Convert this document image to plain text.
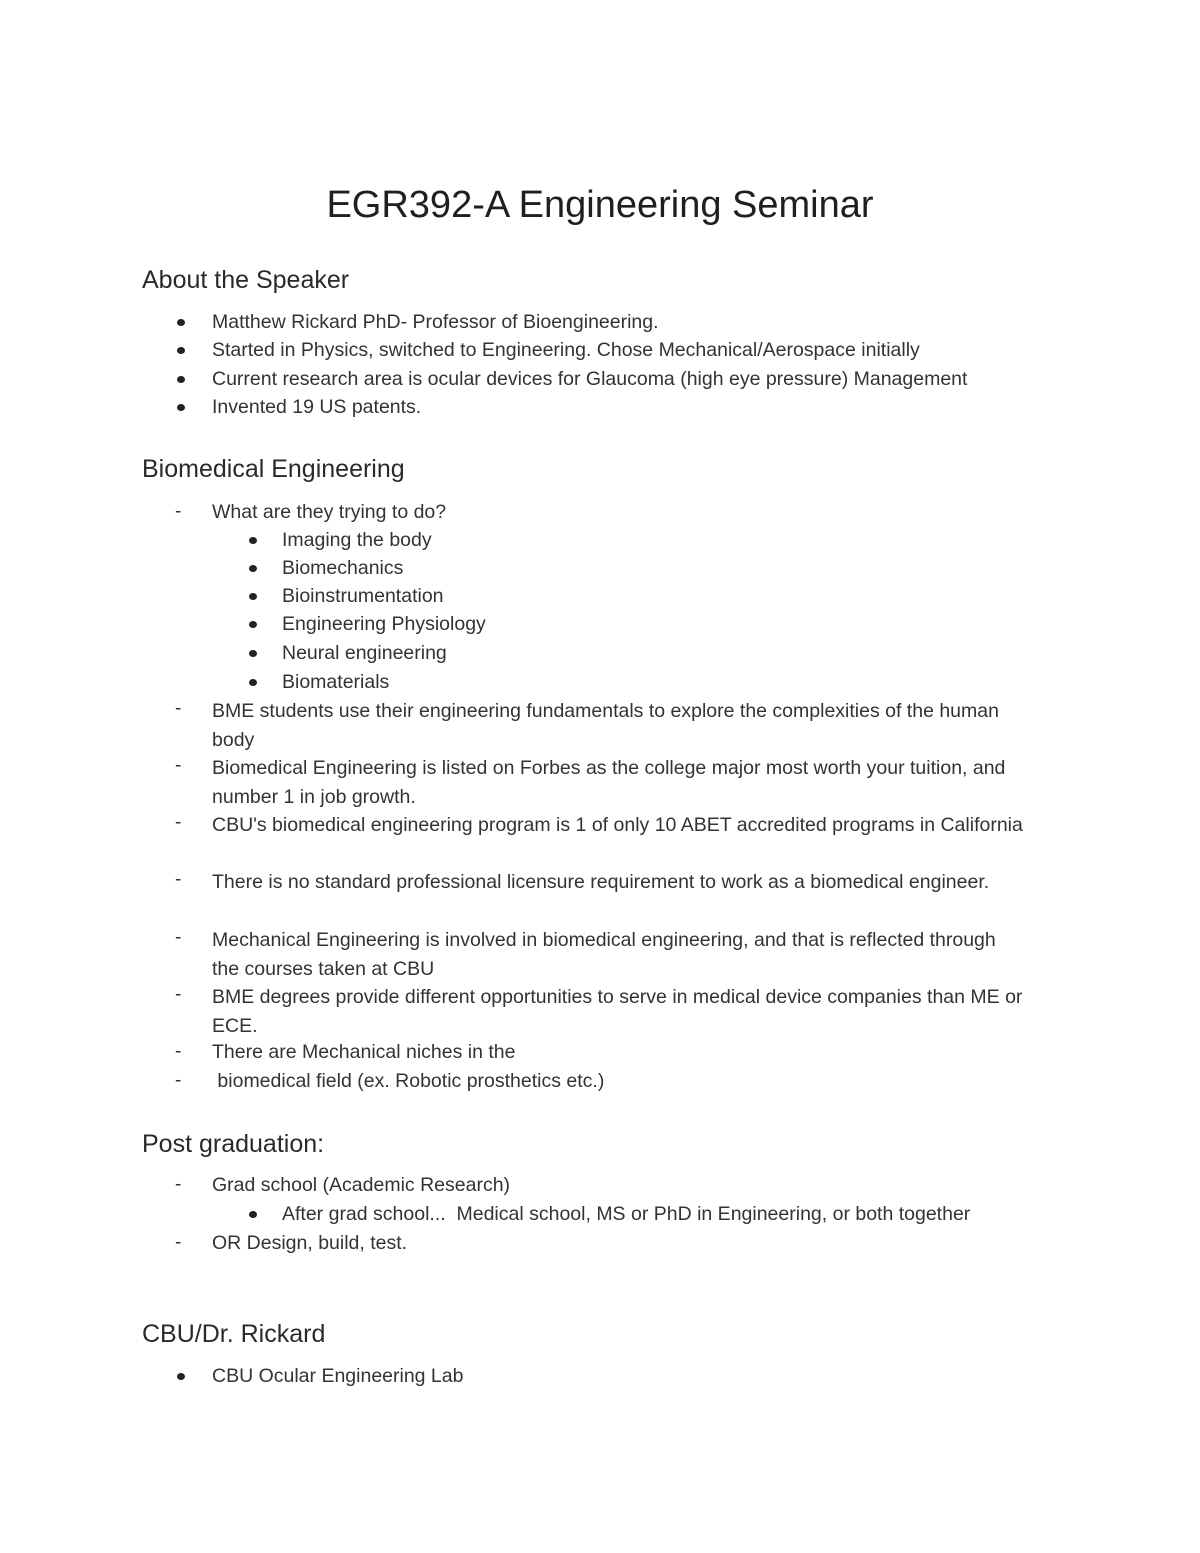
EGR392-A Engineering Seminar
About the Speaker
Matthew Rickard PhD- Professor of Bioengineering.
Started in Physics, switched to Engineering. Chose Mechanical/Aerospace initially
Current research area is ocular devices for Glaucoma (high eye pressure) Management
Invented 19 US patents.
Biomedical Engineering
- What are they trying to do?
Imaging the body
Biomechanics
Bioinstrumentation
Engineering Physiology
Neural engineering
Biomaterials
- BME students use their engineering fundamentals to explore the complexities of the human body
- Biomedical Engineering is listed on Forbes as the college major most worth your tuition, and number 1 in job growth.
- CBU's biomedical engineering program is 1 of only 10 ABET accredited programs in California
- There is no standard professional licensure requirement to work as a biomedical engineer.
- Mechanical Engineering is involved in biomedical engineering, and that is reflected through the courses taken at CBU
- BME degrees provide different opportunities to serve in medical device companies than ME or ECE.
- There are Mechanical niches in the
- biomedical field (ex. Robotic prosthetics etc.)
Post graduation:
- Grad school (Academic Research)
After grad school...  Medical school, MS or PhD in Engineering, or both together
- OR Design, build, test.
CBU/Dr. Rickard
CBU Ocular Engineering Lab
